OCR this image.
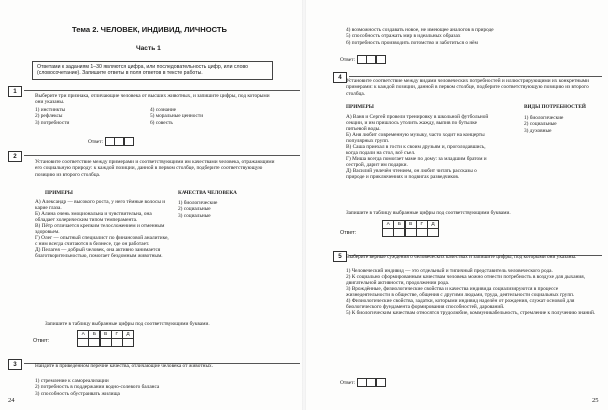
Тема 2. ЧЕЛОВЕК, ИНДИВИД, ЛИЧНОСТЬ
Часть 1
Ответами к заданиям 1–30 являются цифра, или последовательность цифр, или слово (словосочетание). Запишите ответы в поля ответов в тексте работы.
1
Выберите три признака, отличающие человека от высших животных, и запишите цифры, под которыми они указаны.
1) инстинкты
2) рефлексы
3) потребности
4) сознание
5) моральные ценности
6) совесть
Ответ:
2
Установите соответствие между примерами и соответствующими им качествами человека, отражающими его социальную природу: к каждой позиции, данной в первом столбце, подберите соответствующую позицию из второго столбца.
ПРИМЕРЫ	КАЧЕСТВА ЧЕЛОВЕКА
А) Александр — высокого роста, у него тёмные волосы и карие глаза.
Б) Алина очень эмоциональна и чувствительна, она обладает холерическим типом темперамента.
В) Пётр отличается крепким телосложением и отменным здоровьем.
Г) Олег — опытный специалист по финансовой аналитике, с ним всегда считаются в бизнесе, где он работает.
Д) Пелагея — добрый человек, она активно занимается благотворительностью, помогает бездомным животным.
1) биологические
2) социальные
3) социальные
Запишите в таблицу выбранные цифры под соответствующими буквами.
Ответ:
А	Б	В	Г	Д
3	Найдите в приведённом перечне качества, отличающие человека от животных.
1) стремление к самореализации
2) потребность в поддержании водно-солевого баланса
3) способность обустраивать жилища
24
4) возможность создавать новое, не имеющее аналогов в природе
5) способность отражать мир в идеальных образах
6) потребность производить потомство и заботиться о нём
Ответ:
4 Установите соответствие между видами человеческих потребностей и иллюстрирующими их конкретными примерами: к каждой позиции, данной в первом столбце, подберите соответствующую позицию из второго столбца.
ПРИМЕРЫ	ВИДЫ ПОТРЕБНОСТЕЙ
А) Ваня и Сергей провели тренировку в школьной футбольной секции, и им пришлось утолить жажду, выпив по бутылке питьевой воды.
Б) Аня любит современную музыку, часто ходит на концерты популярных групп.
В) Саша приехал в гости к своим друзьям и, проголодавшись, когда подали на стол, всё съел.
Г) Миша всегда помогает маме по дому: за младшим братом и сестрой, дарит им подарки.
Д) Василий увлечён чтением, он любит читать рассказы о природе и приключениях и подвигах разведчиков.
1) биологические
2) социальные
3) духовные
Запишите в таблицу выбранные цифры под соответствующими буквами.
Ответ:
А	Б	В	Г	Д
5 Выберите верные суждения о человеческих качествах и запишите цифры, под которыми они указаны.
1) Человеческий индивид — это отдельный и типичный представитель человеческого рода.
2) К социально сформированным качествам человека можно отнести потребность в воздухе для дыхания, двигательной активности, продолжении рода.
3) Врождённые, физиологические свойства и качества индивида социализируются в процессе жизнедеятельности в обществе, общения с другими людьми, труда, деятельности социальных групп.
4) Физиологические свойства, задатки, которыми индивид наделён от рождения, служат основой для биологического фундамента формирования способностей, дарований.
5) К биологическим качествам относятся трудолюбие, коммуникабельность, стремление к получению знаний.
Ответ:
25
